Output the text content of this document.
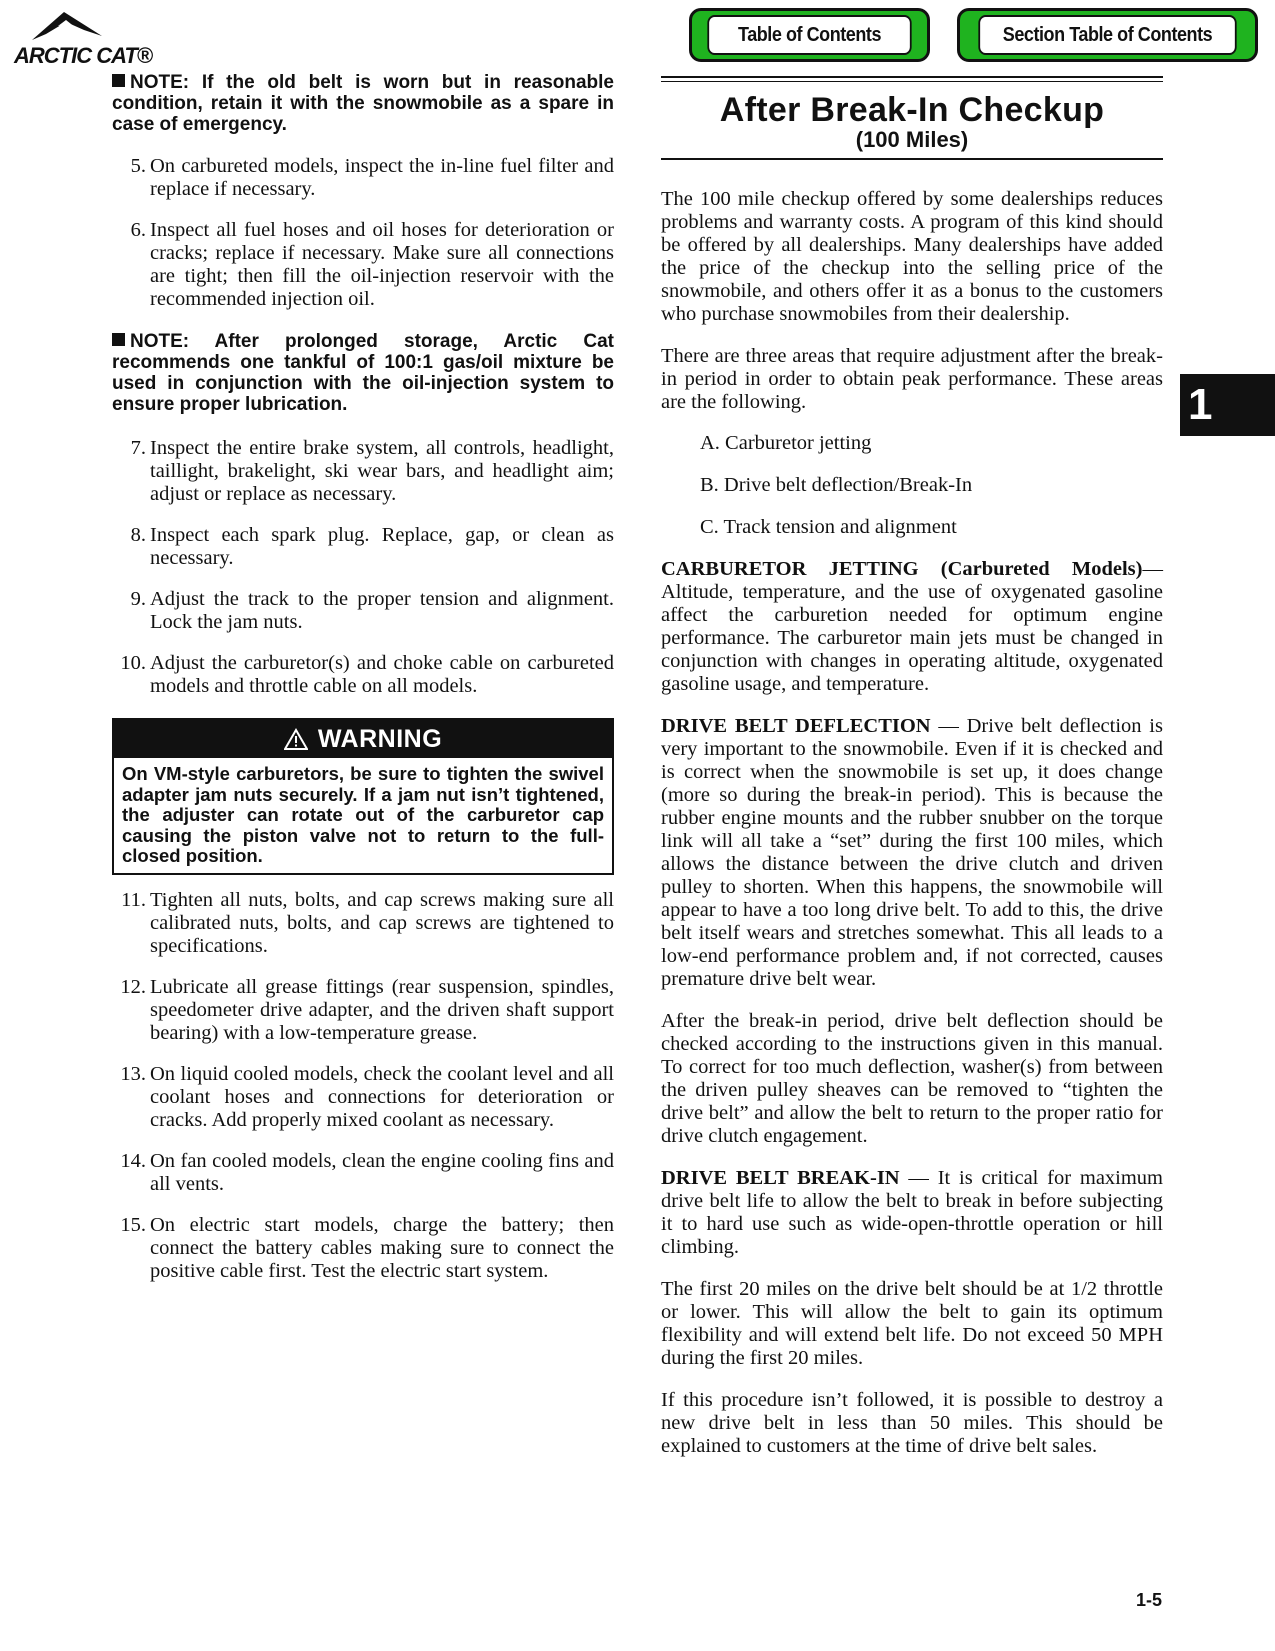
ARCTIC CAT®
Table of Contents	Section Table of Contents

NOTE: If the old belt is worn but in reasonable condition, retain it with the snowmobile as a spare in case of emergency.

5. On carbureted models, inspect the in-line fuel filter and replace if necessary.
6. Inspect all fuel hoses and oil hoses for deterioration or cracks; replace if necessary. Make sure all connections are tight; then fill the oil-injection reservoir with the recommended injection oil.

NOTE: After prolonged storage, Arctic Cat recommends one tankful of 100:1 gas/oil mixture be used in conjunction with the oil-injection system to ensure proper lubrication.

7. Inspect the entire brake system, all controls, headlight, taillight, brakelight, ski wear bars, and headlight aim; adjust or replace as necessary.
8. Inspect each spark plug. Replace, gap, or clean as necessary.
9. Adjust the track to the proper tension and alignment. Lock the jam nuts.
10. Adjust the carburetor(s) and choke cable on carbureted models and throttle cable on all models.
WARNING
On VM-style carburetors, be sure to tighten the swivel adapter jam nuts securely. If a jam nut isn’t tightened, the adjuster can rotate out of the carburetor cap causing the piston valve not to return to the full-closed position.
11. Tighten all nuts, bolts, and cap screws making sure all calibrated nuts, bolts, and cap screws are tightened to specifications.
12. Lubricate all grease fittings (rear suspension, spindles, speedometer drive adapter, and the driven shaft support bearing) with a low-temperature grease.
13. On liquid cooled models, check the coolant level and all coolant hoses and connections for deterioration or cracks. Add properly mixed coolant as necessary.
14. On fan cooled models, clean the engine cooling fins and all vents.
15. On electric start models, charge the battery; then connect the battery cables making sure to connect the positive cable first. Test the electric start system.
After Break-In Checkup
(100 Miles)

The 100 mile checkup offered by some dealerships reduces problems and warranty costs. A program of this kind should be offered by all dealerships. Many dealerships have added the price of the checkup into the selling price of the snowmobile, and others offer it as a bonus to the customers who purchase snowmobiles from their dealership.

There are three areas that require adjustment after the break-in period in order to obtain peak performance. These areas are the following.

A. Carburetor jetting

B. Drive belt deflection/Break-In

C. Track tension and alignment

CARBURETOR JETTING (Carbureted Models)—Altitude, temperature, and the use of oxygenated gasoline affect the carburetion needed for optimum engine performance. The carburetor main jets must be changed in conjunction with changes in operating altitude, oxygenated gasoline usage, and temperature.

DRIVE BELT DEFLECTION — Drive belt deflection is very important to the snowmobile. Even if it is checked and is correct when the snowmobile is set up, it does change (more so during the break-in period). This is because the rubber engine mounts and the rubber snubber on the torque link will all take a “set” during the first 100 miles, which allows the distance between the drive clutch and driven pulley to shorten. When this happens, the snowmobile will appear to have a too long drive belt. To add to this, the drive belt itself wears and stretches somewhat. This all leads to a low-end performance problem and, if not corrected, causes premature drive belt wear.

After the break-in period, drive belt deflection should be checked according to the instructions given in this manual. To correct for too much deflection, washer(s) from between the driven pulley sheaves can be removed to “tighten the drive belt” and allow the belt to return to the proper ratio for drive clutch engagement.

DRIVE BELT BREAK-IN — It is critical for maximum drive belt life to allow the belt to break in before subjecting it to hard use such as wide-open-throttle operation or hill climbing.

The first 20 miles on the drive belt should be at 1/2 throttle or lower. This will allow the belt to gain its optimum flexibility and will extend belt life. Do not exceed 50 MPH during the first 20 miles.

If this procedure isn’t followed, it is possible to destroy a new drive belt in less than 50 miles. This should be explained to customers at the time of drive belt sales.

1
1-5
